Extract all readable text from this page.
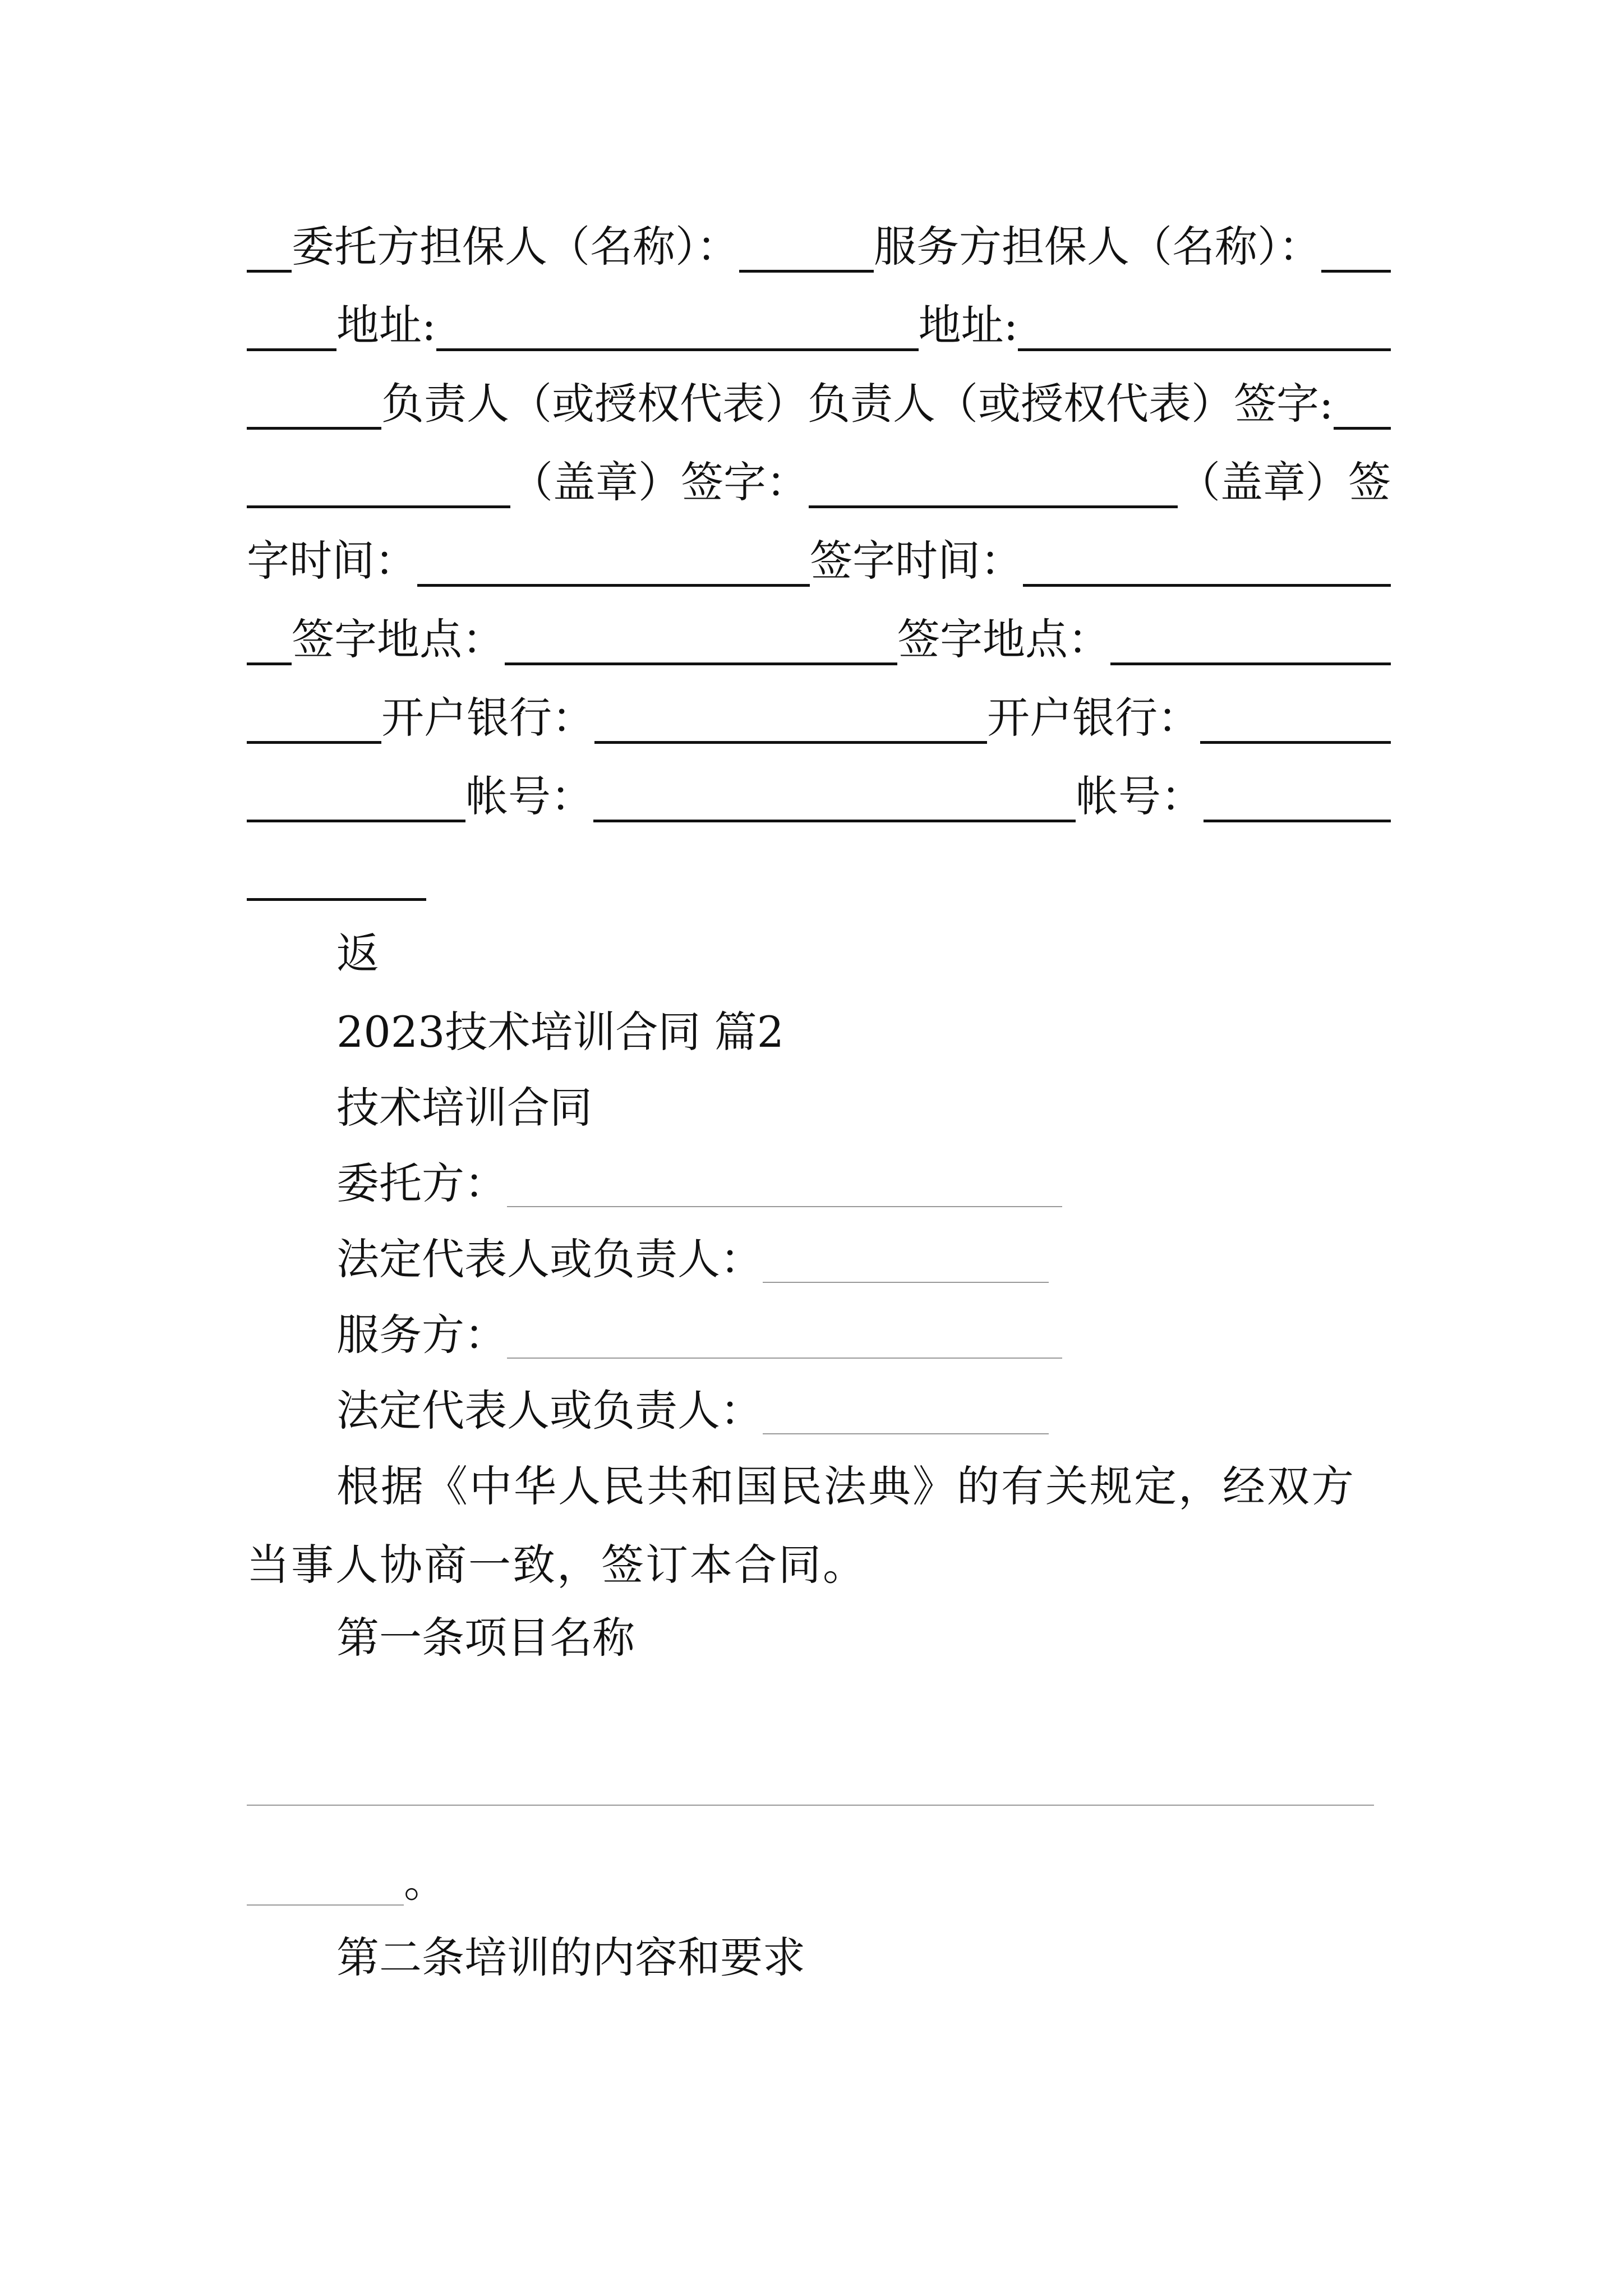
委托方担保人（名称）：	服务方担保人（名称）：
地址:	地址:
负责人（或授权代表） 负责人（或授权代表） 签字:
（盖章） 签字：	（盖章） 签
字时间：	签字时间：
签字地点：	签字地点：
开户银行：	开户银行：
帐号：	帐号：
返
2023技术培训合同 篇2
技术培训合同
委托方：
法定代表人或负责人：
服务方：
法定代表人或负责人：
根据《中华人民共和国民法典》的有关规定，经双方当事人协商一致，签订本合同。
第一条项目名称
。
第二条培训的内容和要求
